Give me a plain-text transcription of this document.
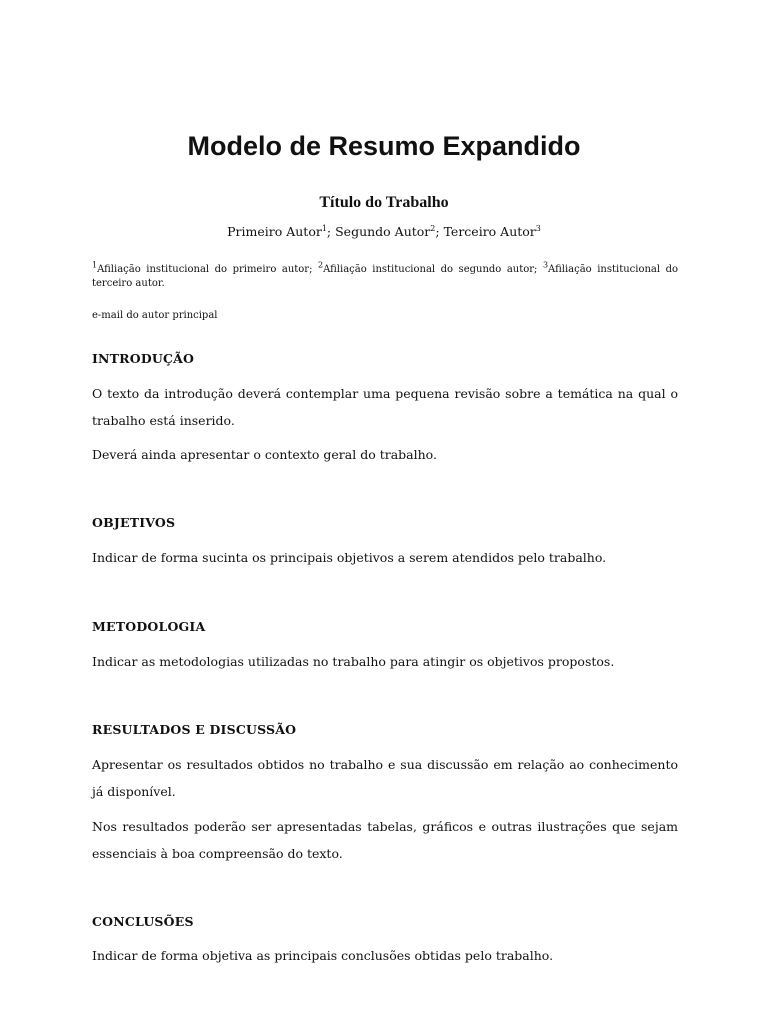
Modelo de Resumo Expandido
Título do Trabalho

Primeiro Autor$^1$; Segundo Autor$^2$; Terceiro Autor$^3$

$^1$Afiliação institucional do primeiro autor; $^2$Afiliação institucional do segundo autor; $^3$Afiliação institucional do terceiro autor.

e-mail do autor principal

INTRODUÇÃO

O texto da introdução deverá contemplar uma pequena revisão sobre a temática na qual o trabalho está inserido.

Deverá ainda apresentar o contexto geral do trabalho.

OBJETIVOS

Indicar de forma sucinta os principais objetivos a serem atendidos pelo trabalho.

METODOLOGIA

Indicar as metodologias utilizadas no trabalho para atingir os objetivos propostos.

RESULTADOS E DISCUSSÃO

Apresentar os resultados obtidos no trabalho e sua discussão em relação ao conhecimento já disponível.

Nos resultados poderão ser apresentadas tabelas, gráficos e outras ilustrações que sejam essenciais à boa compreensão do texto.

CONCLUSÕES

Indicar de forma objetiva as principais conclusões obtidas pelo trabalho.
